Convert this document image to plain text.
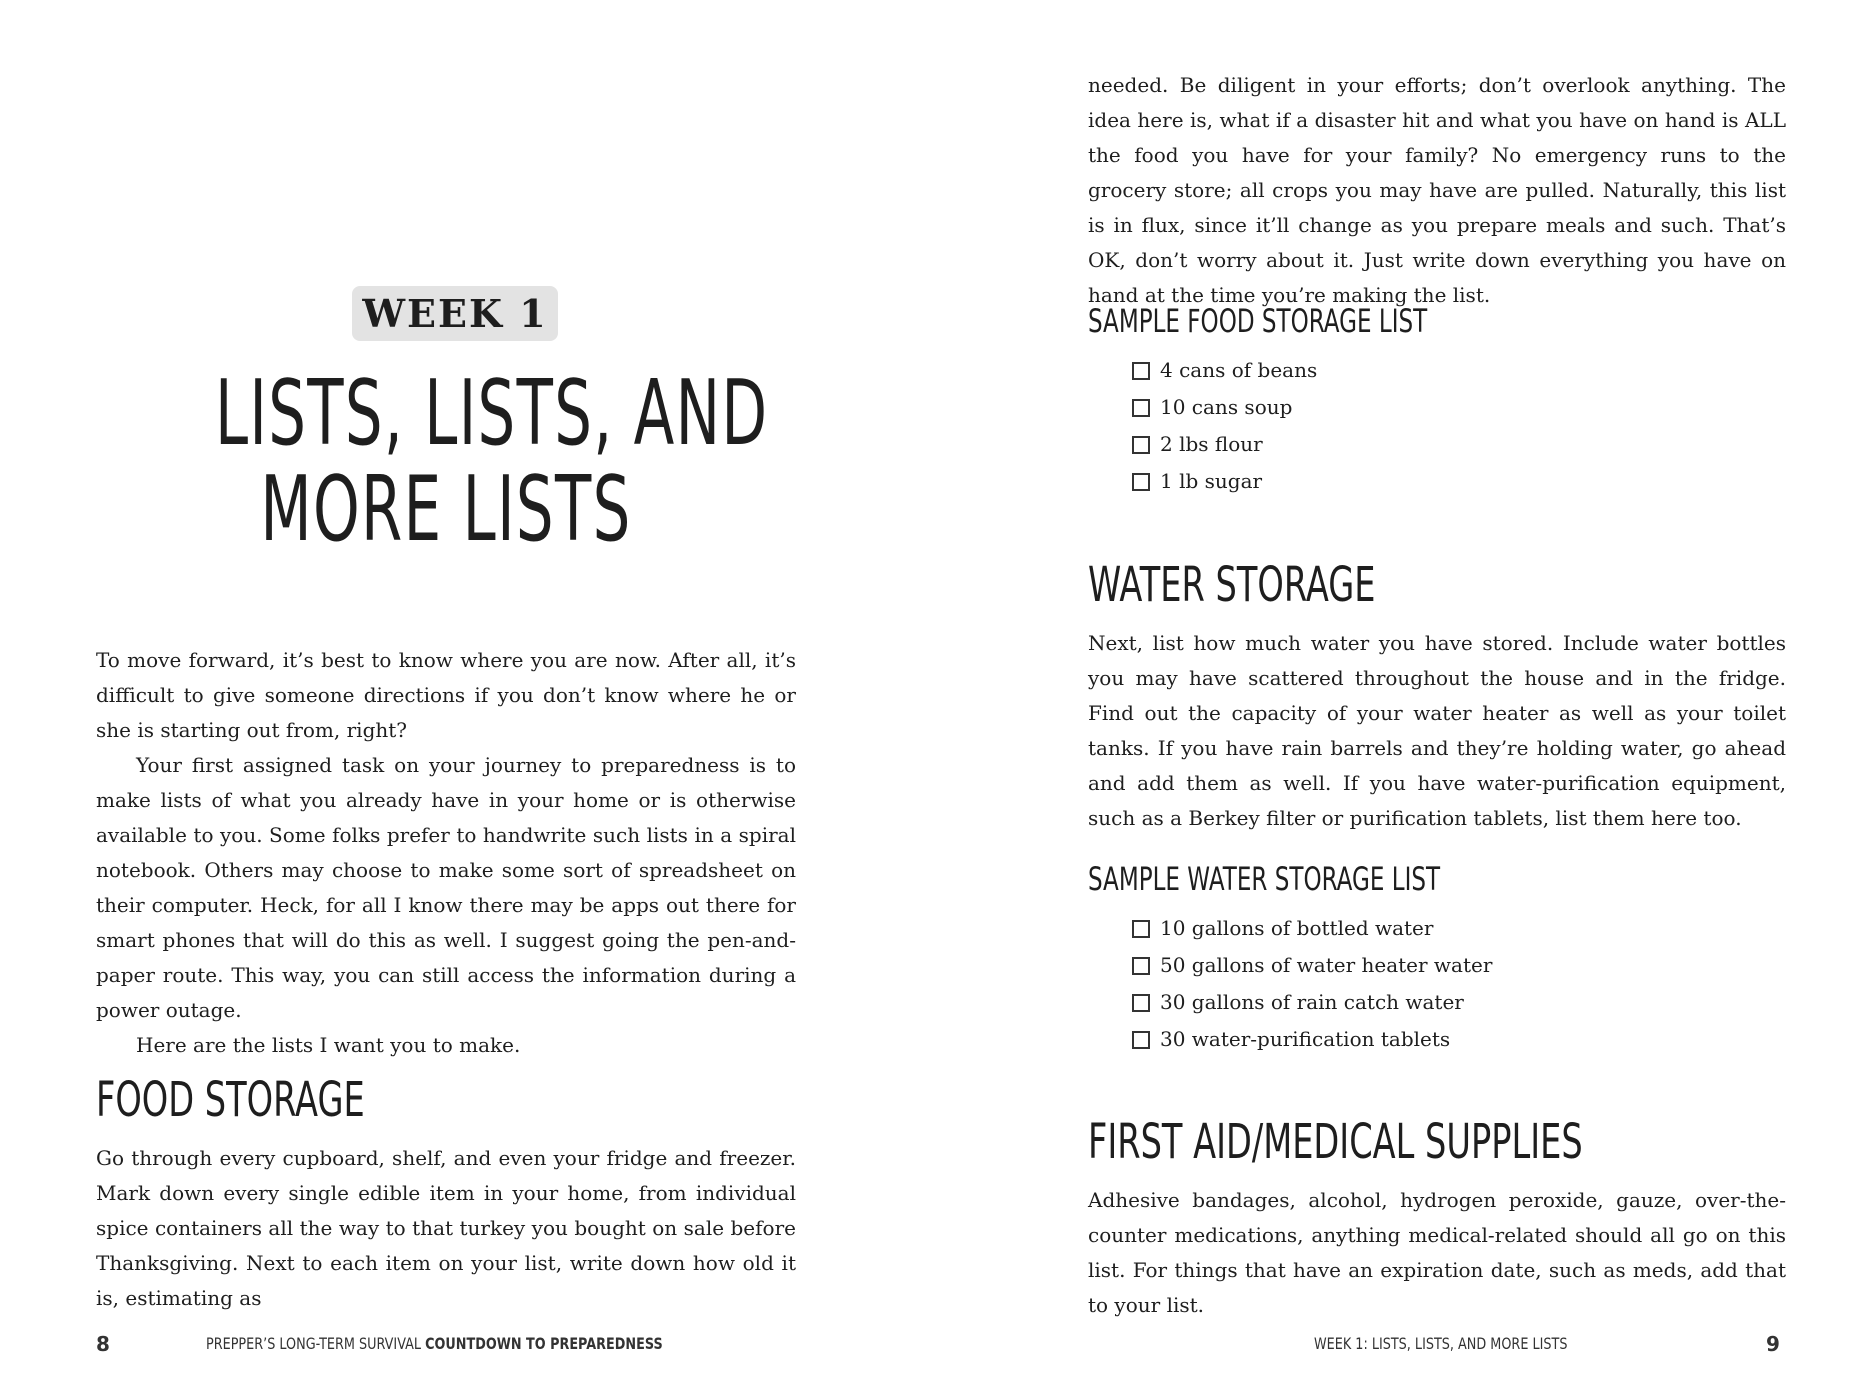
WEEK 1
LISTS, LISTS, AND
MORE LISTS

To move forward, it’s best to know where you are now. After all, it’s difficult to give someone directions if you don’t know where he or she is starting out from, right?

Your first assigned task on your journey to preparedness is to make lists of what you already have in your home or is otherwise available to you. Some folks prefer to handwrite such lists in a spiral notebook. Others may choose to make some sort of spreadsheet on their computer. Heck, for all I know there may be apps out there for smart phones that will do this as well. I suggest going the pen-and-paper route. This way, you can still access the information during a power outage.

Here are the lists I want you to make.

FOOD STORAGE

Go through every cupboard, shelf, and even your fridge and freezer. Mark down every single edible item in your home, from individual spice containers all the way to that turkey you bought on sale before Thanksgiving. Next to each item on your list, write down how old it is, estimating as

8	PREPPER’S LONG-TERM SURVIVAL COUNTDOWN TO PREPAREDNESS

needed. Be diligent in your efforts; don’t overlook anything. The idea here is, what if a disaster hit and what you have on hand is ALL the food you have for your family? No emergency runs to the grocery store; all crops you may have are pulled. Naturally, this list is in flux, since it’ll change as you prepare meals and such. That’s OK, don’t worry about it. Just write down everything you have on hand at the time you’re making the list.

SAMPLE FOOD STORAGE LIST
4 cans of beans
10 cans soup
2 lbs flour
1 lb sugar
WATER STORAGE

Next, list how much water you have stored. Include water bottles you may have scattered throughout the house and in the fridge. Find out the capacity of your water heater as well as your toilet tanks. If you have rain barrels and they’re holding water, go ahead and add them as well. If you have water-purification equipment, such as a Berkey filter or purification tablets, list them here too.

SAMPLE WATER STORAGE LIST
10 gallons of bottled water
50 gallons of water heater water
30 gallons of rain catch water
30 water-purification tablets
FIRST AID/MEDICAL SUPPLIES

Adhesive bandages, alcohol, hydrogen peroxide, gauze, over-the-counter medications, anything medical-related should all go on this list. For things that have an expiration date, such as meds, add that to your list.

WEEK 1: LISTS, LISTS, AND MORE LISTS	9
